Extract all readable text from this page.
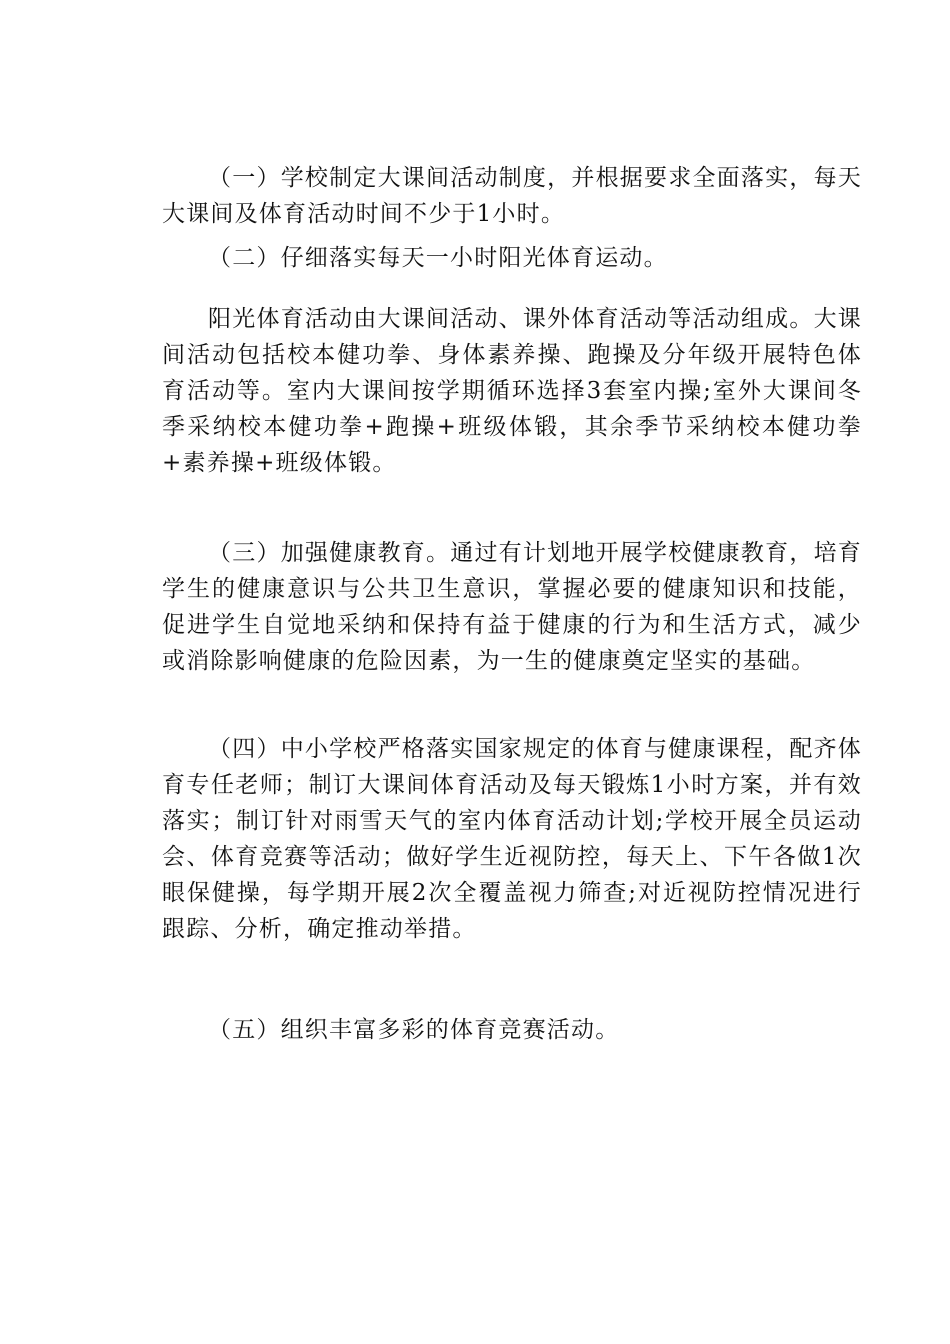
（一）学校制定大课间活动制度，并根据要求全面落实，每天大课间及体育活动时间不少于1小时。

（二）仔细落实每天一小时阳光体育运动。

阳光体育活动由大课间活动、课外体育活动等活动组成。大课间活动包括校本健功拳、身体素养操、跑操及分年级开展特色体育活动等。室内大课间按学期循环选择3套室内操;室外大课间冬季采纳校本健功拳+跑操+班级体锻，其余季节采纳校本健功拳+素养操+班级体锻。

（三）加强健康教育。通过有计划地开展学校健康教育，培育学生的健康意识与公共卫生意识，掌握必要的健康知识和技能，促进学生自觉地采纳和保持有益于健康的行为和生活方式，减少或消除影响健康的危险因素，为一生的健康奠定坚实的基础。

（四）中小学校严格落实国家规定的体育与健康课程，配齐体育专任老师；制订大课间体育活动及每天锻炼1小时方案，并有效落实；制订针对雨雪天气的室内体育活动计划;学校开展全员运动会、体育竞赛等活动；做好学生近视防控，每天上、下午各做1次眼保健操，每学期开展2次全覆盖视力筛查;对近视防控情况进行跟踪、分析，确定推动举措。

（五）组织丰富多彩的体育竞赛活动。
